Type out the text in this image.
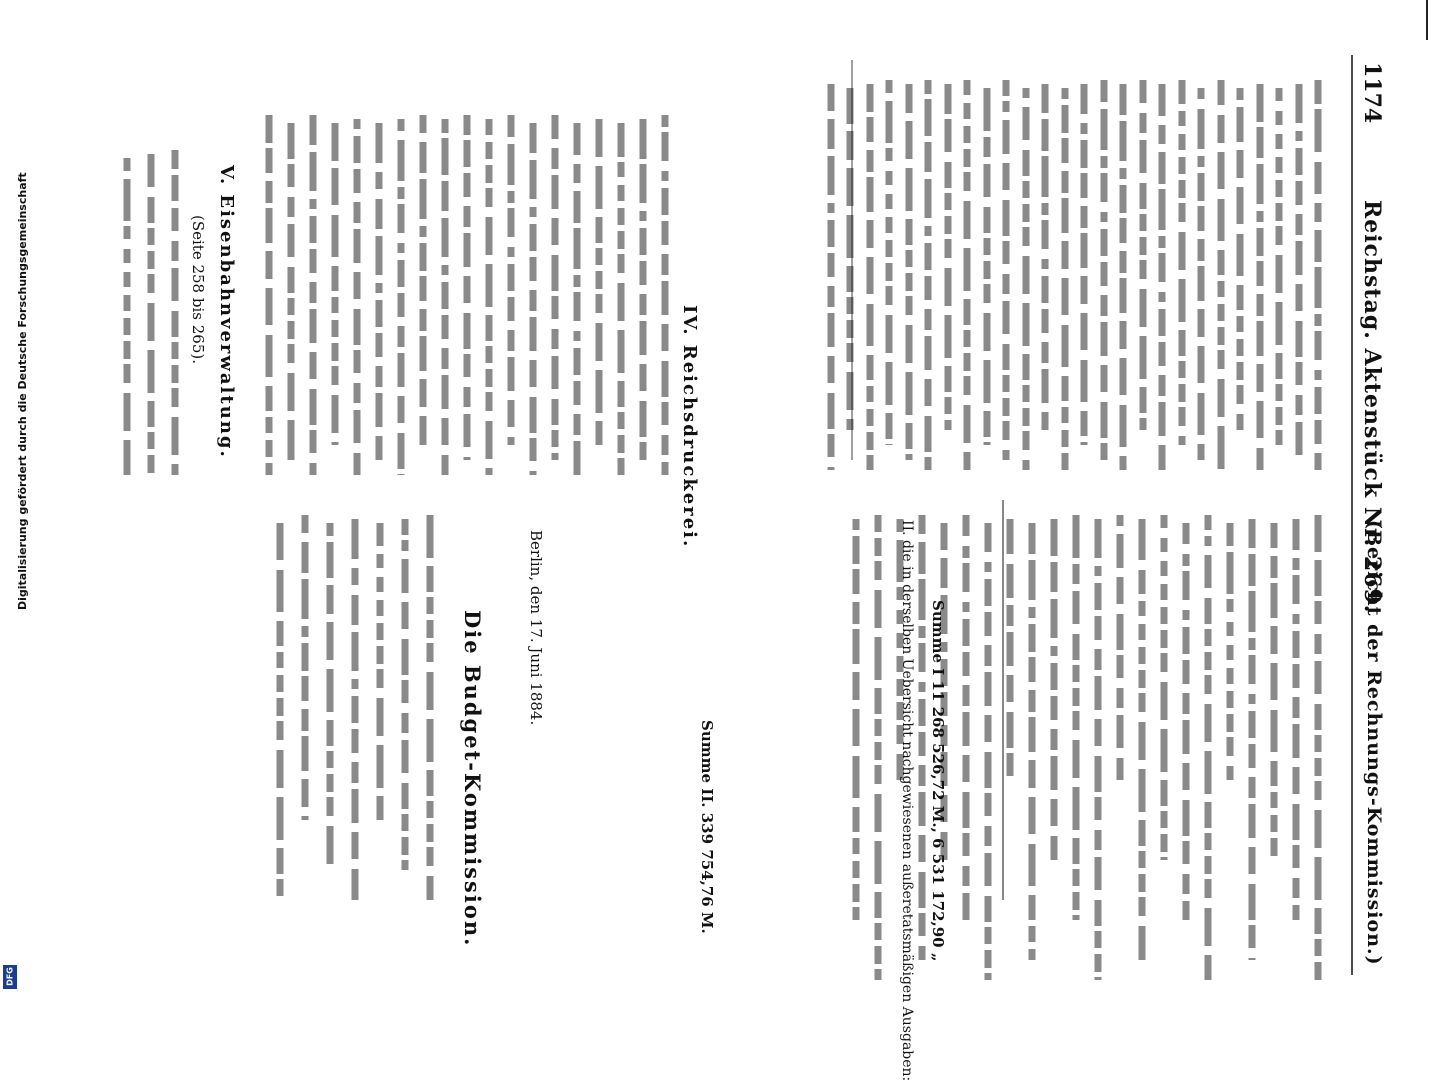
1174
Reichstag. Aktenstück Nr. 269.
(Bericht der Rechnungs-Kommission.)
IV. Reichsdruckerei.
V. Eisenbahnverwaltung.
(Seite 258 bis 265).
Summe I 11 268 526,72 M., 6 531 172,90 „
Summe II. 339 754,76 M.	II. die in derselben Uebersicht nachgewiesenen außeretatsmäßigen Ausgaben:
Berlin, den 17. Juni 1884.
Die Budget-Kommission.
Digitalisierung gefördert durch die Deutsche Forschungsgemeinschaft
DFG
